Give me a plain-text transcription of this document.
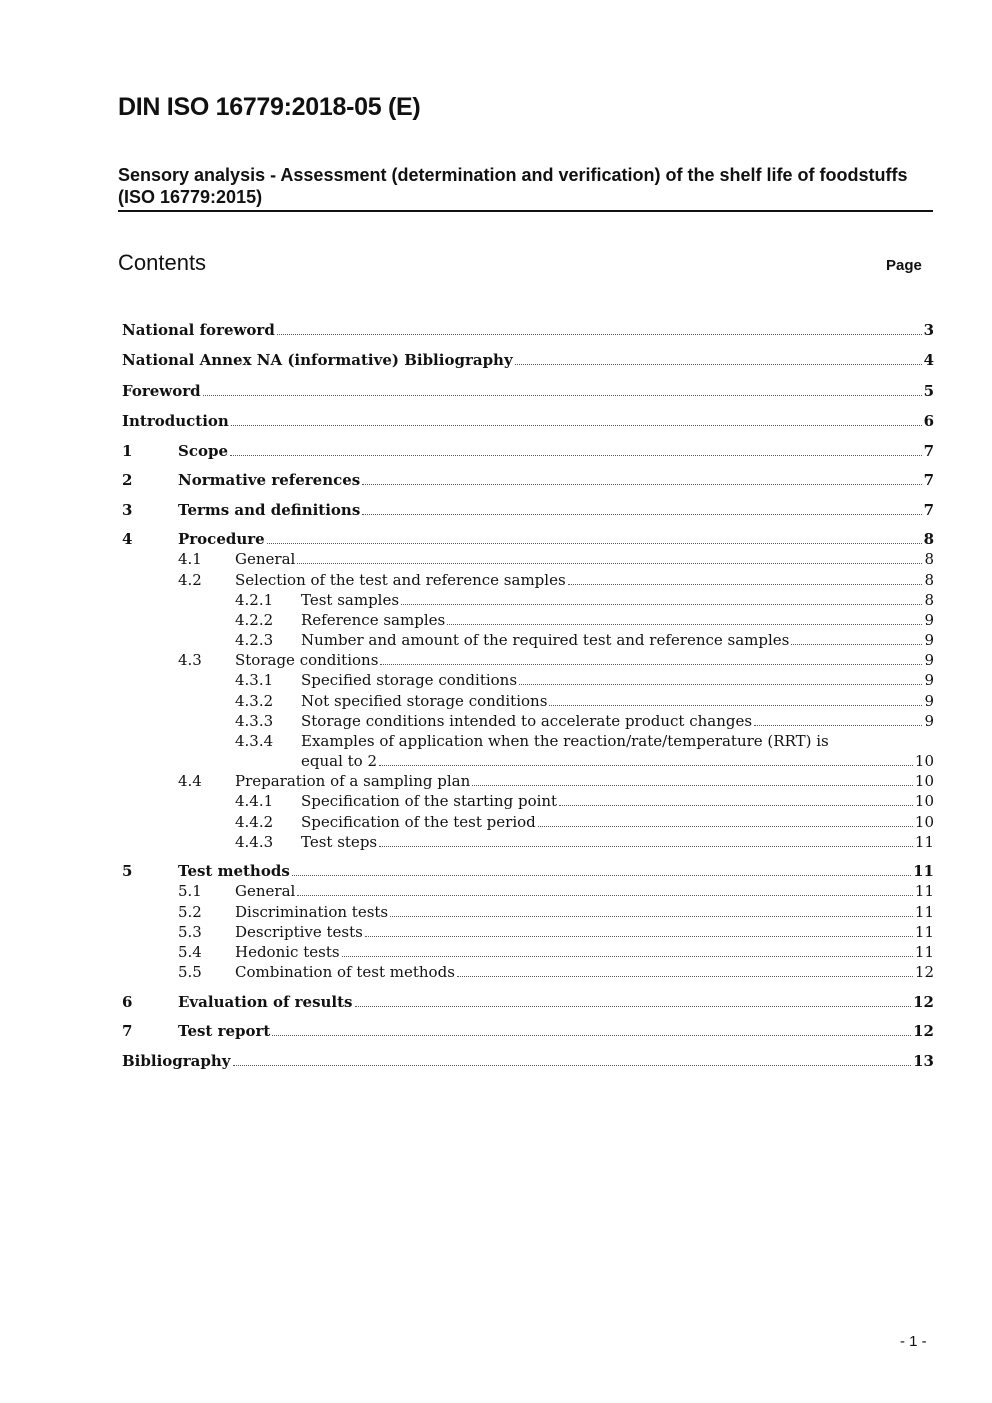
DIN ISO 16779:2018-05 (E)
Sensory analysis - Assessment (determination and verification) of the shelf life of foodstuffs (ISO 16779:2015)
Contents	Page
National foreword	3
National Annex NA (informative) Bibliography	4
Foreword	5
Introduction	6
1	Scope	7
2	Normative references	7
3	Terms and definitions	7
4	Procedure	8
4.1 General	8
4.2 Selection of the test and reference samples	8
4.2.1 Test samples	8
4.2.2 Reference samples	9
4.2.3 Number and amount of the required test and reference samples	9
4.3 Storage conditions	9
4.3.1 Specified storage conditions	9
4.3.2 Not specified storage conditions	9
4.3.3 Storage conditions intended to accelerate product changes	9
4.3.4 Examples of application when the reaction/rate/temperature (RRT) is
equal to 2	10
4.4 Preparation of a sampling plan	10
4.4.1 Specification of the starting point	10
4.4.2 Specification of the test period	10
4.4.3 Test steps	11
5	Test methods	11
5.1 General	11
5.2 Discrimination tests	11
5.3 Descriptive tests	11
5.4 Hedonic tests	11
5.5 Combination of test methods	12
6	Evaluation of results	12
7	Test report	12
Bibliography	13
- 1 -
